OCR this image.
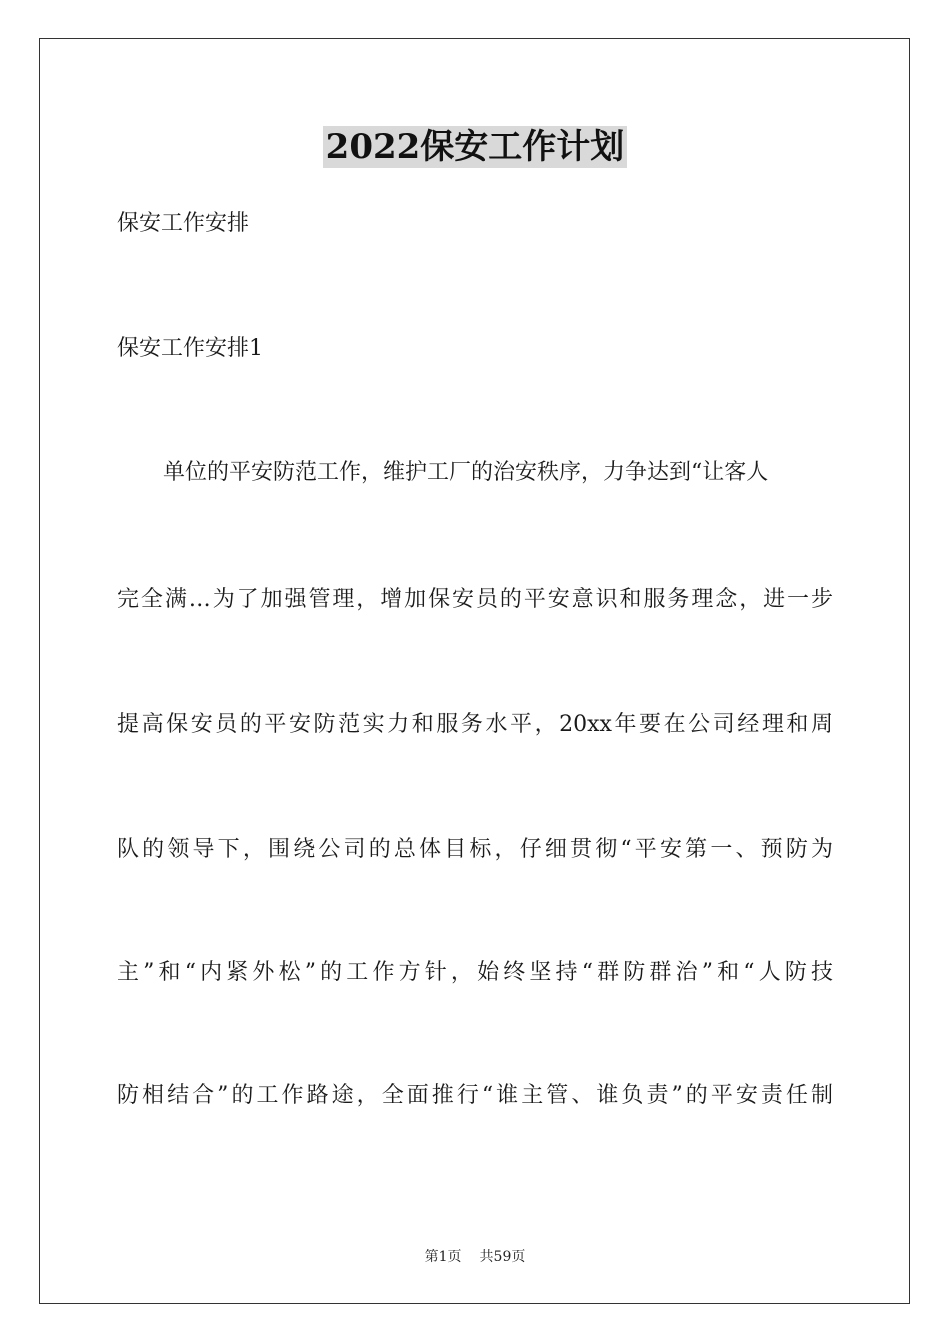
2022保安工作计划

保安工作安排

保安工作安排1

单位的平安防范工作，维护工厂的治安秩序，力争达到“让客人

完全满…为了加强管理，增加保安员的平安意识和服务理念，进一步

提高保安员的平安防范实力和服务水平，20xx年要在公司经理和周

队的领导下，围绕公司的总体目标，仔细贯彻“平安第一、预防为

主”和“内紧外松”的工作方针，始终坚持“群防群治”和“人防技

防相结合”的工作路途，全面推行“谁主管、谁负责”的平安责任制

第1页 共59页
